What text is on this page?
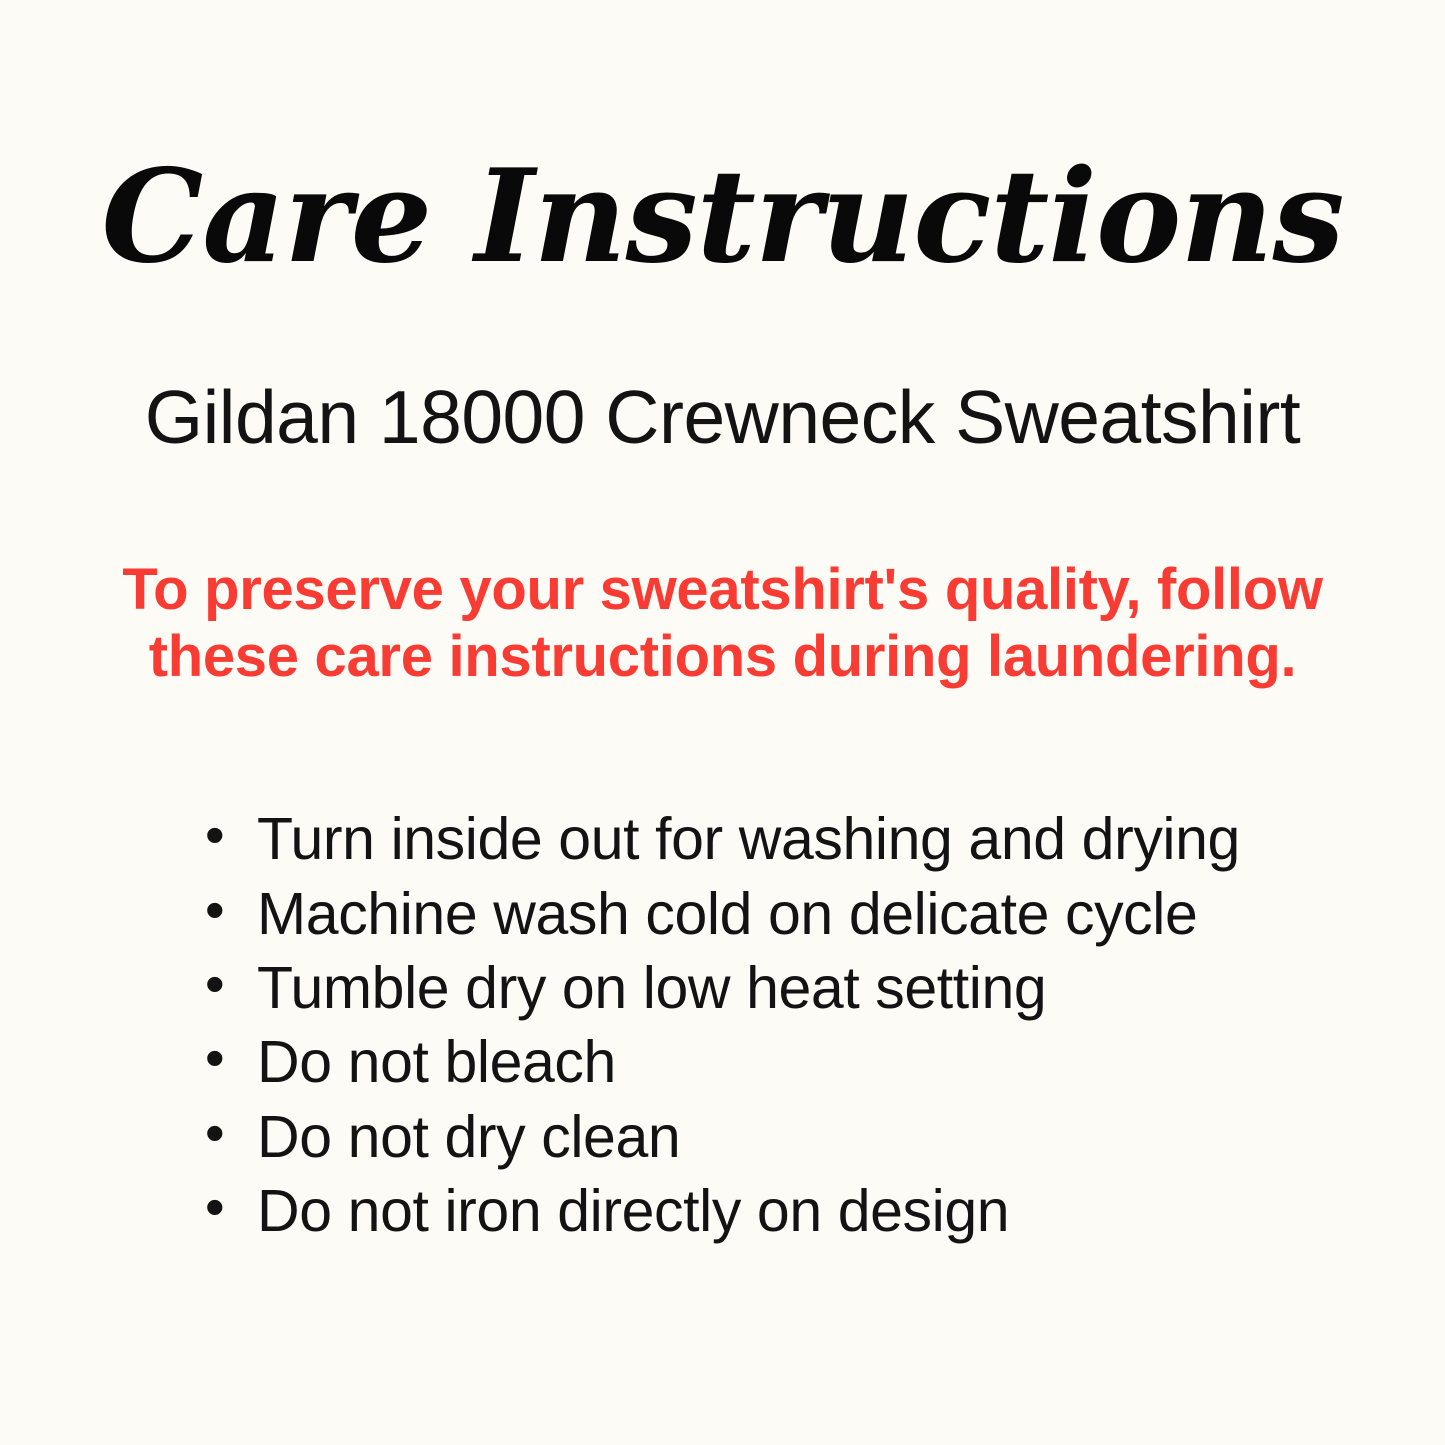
Care Instructions
Gildan 18000 Crewneck Sweatshirt
To preserve your sweatshirt's quality, follow these care instructions during laundering.
• Turn inside out for washing and drying
• Machine wash cold on delicate cycle
• Tumble dry on low heat setting
• Do not bleach
• Do not dry clean
• Do not iron directly on design
